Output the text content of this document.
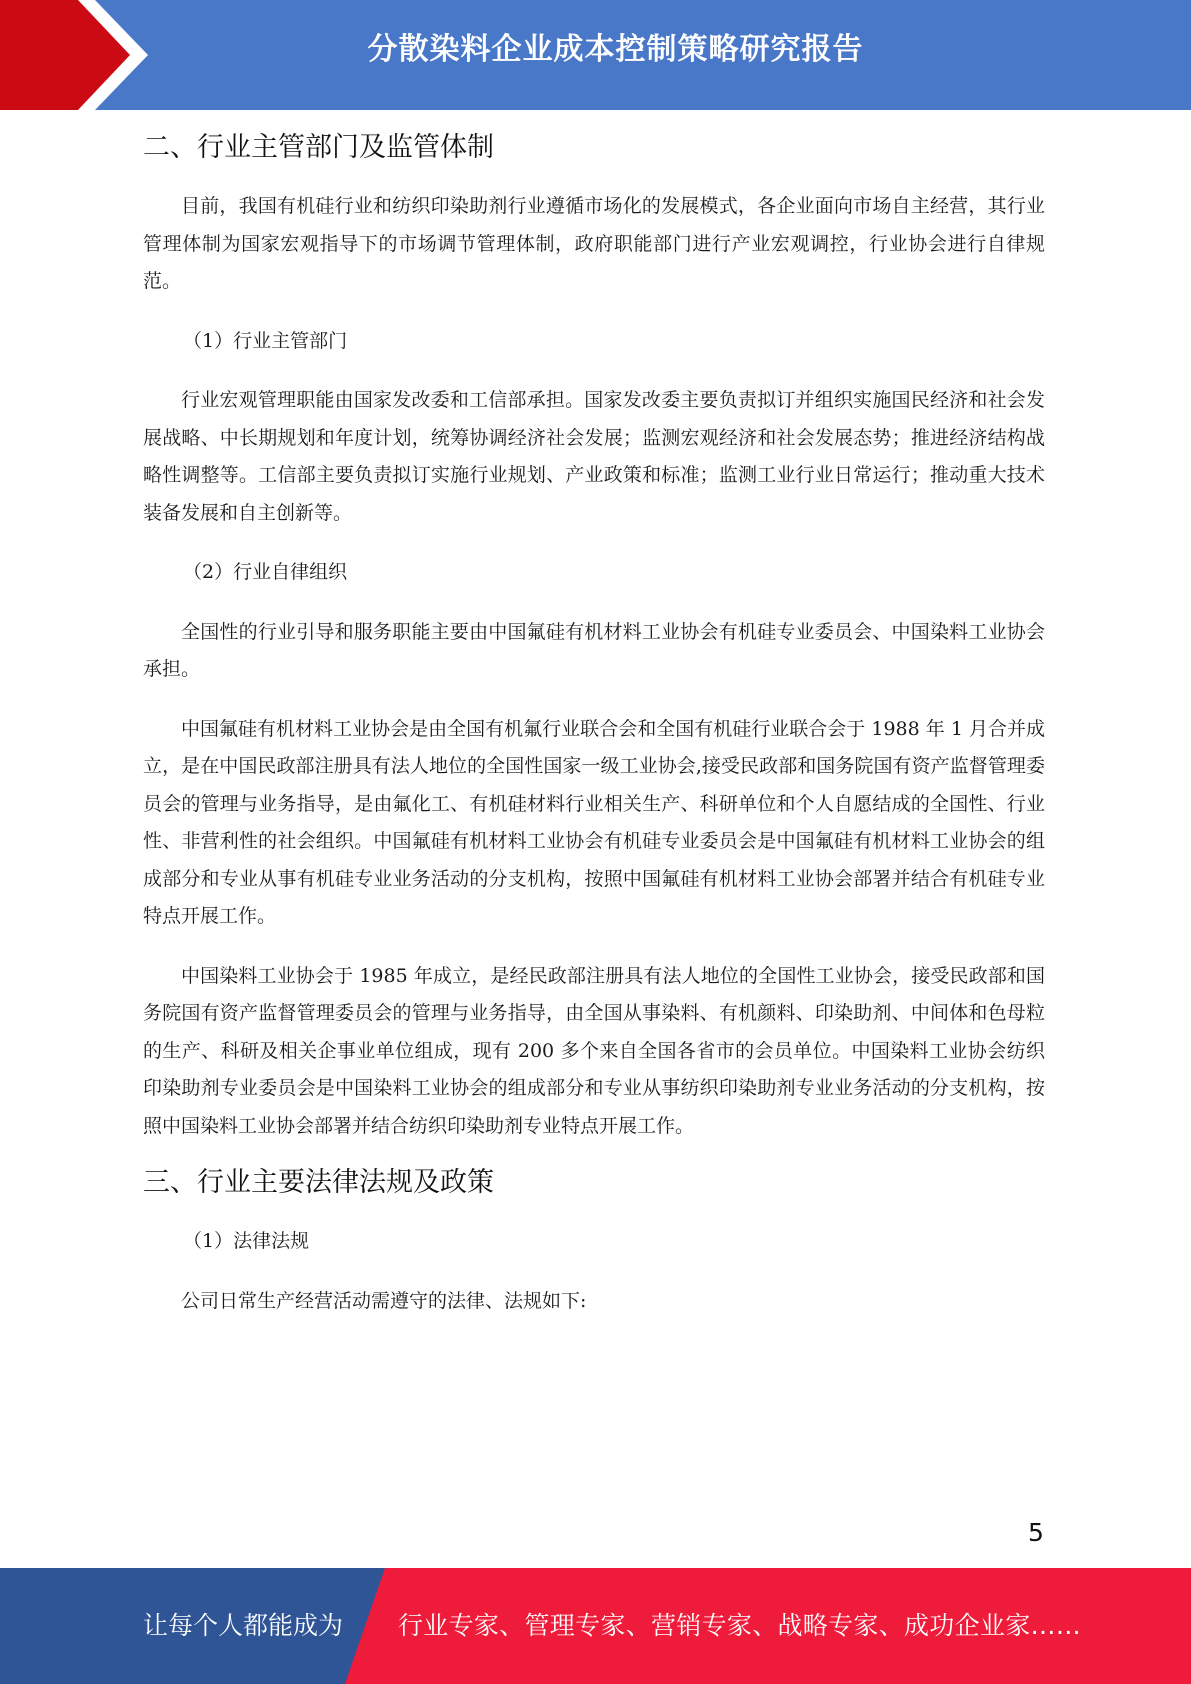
分散染料企业成本控制策略研究报告
二、行业主管部门及监管体制

目前，我国有机硅行业和纺织印染助剂行业遵循市场化的发展模式，各企业面向市场自主经营，其行业管理体制为国家宏观指导下的市场调节管理体制，政府职能部门进行产业宏观调控，行业协会进行自律规范。

（1）行业主管部门

行业宏观管理职能由国家发改委和工信部承担。国家发改委主要负责拟订并组织实施国民经济和社会发展战略、中长期规划和年度计划，统筹协调经济社会发展；监测宏观经济和社会发展态势；推进经济结构战略性调整等。工信部主要负责拟订实施行业规划、产业政策和标准；监测工业行业日常运行；推动重大技术装备发展和自主创新等。

（2）行业自律组织

全国性的行业引导和服务职能主要由中国氟硅有机材料工业协会有机硅专业委员会、中国染料工业协会承担。

中国氟硅有机材料工业协会是由全国有机氟行业联合会和全国有机硅行业联合会于 1988 年 1 月合并成立，是在中国民政部注册具有法人地位的全国性国家一级工业协会,接受民政部和国务院国有资产监督管理委员会的管理与业务指导，是由氟化工、有机硅材料行业相关生产、科研单位和个人自愿结成的全国性、行业性、非营利性的社会组织。中国氟硅有机材料工业协会有机硅专业委员会是中国氟硅有机材料工业协会的组成部分和专业从事有机硅专业业务活动的分支机构，按照中国氟硅有机材料工业协会部署并结合有机硅专业特点开展工作。

中国染料工业协会于 1985 年成立，是经民政部注册具有法人地位的全国性工业协会，接受民政部和国务院国有资产监督管理委员会的管理与业务指导，由全国从事染料、有机颜料、印染助剂、中间体和色母粒的生产、科研及相关企事业单位组成，现有 200 多个来自全国各省市的会员单位。中国染料工业协会纺织印染助剂专业委员会是中国染料工业协会的组成部分和专业从事纺织印染助剂专业业务活动的分支机构，按照中国染料工业协会部署并结合纺织印染助剂专业特点开展工作。

三、行业主要法律法规及政策

（1）法律法规

公司日常生产经营活动需遵守的法律、法规如下:

5
让每个人都能成为 行业专家、管理专家、营销专家、战略专家、成功企业家……
